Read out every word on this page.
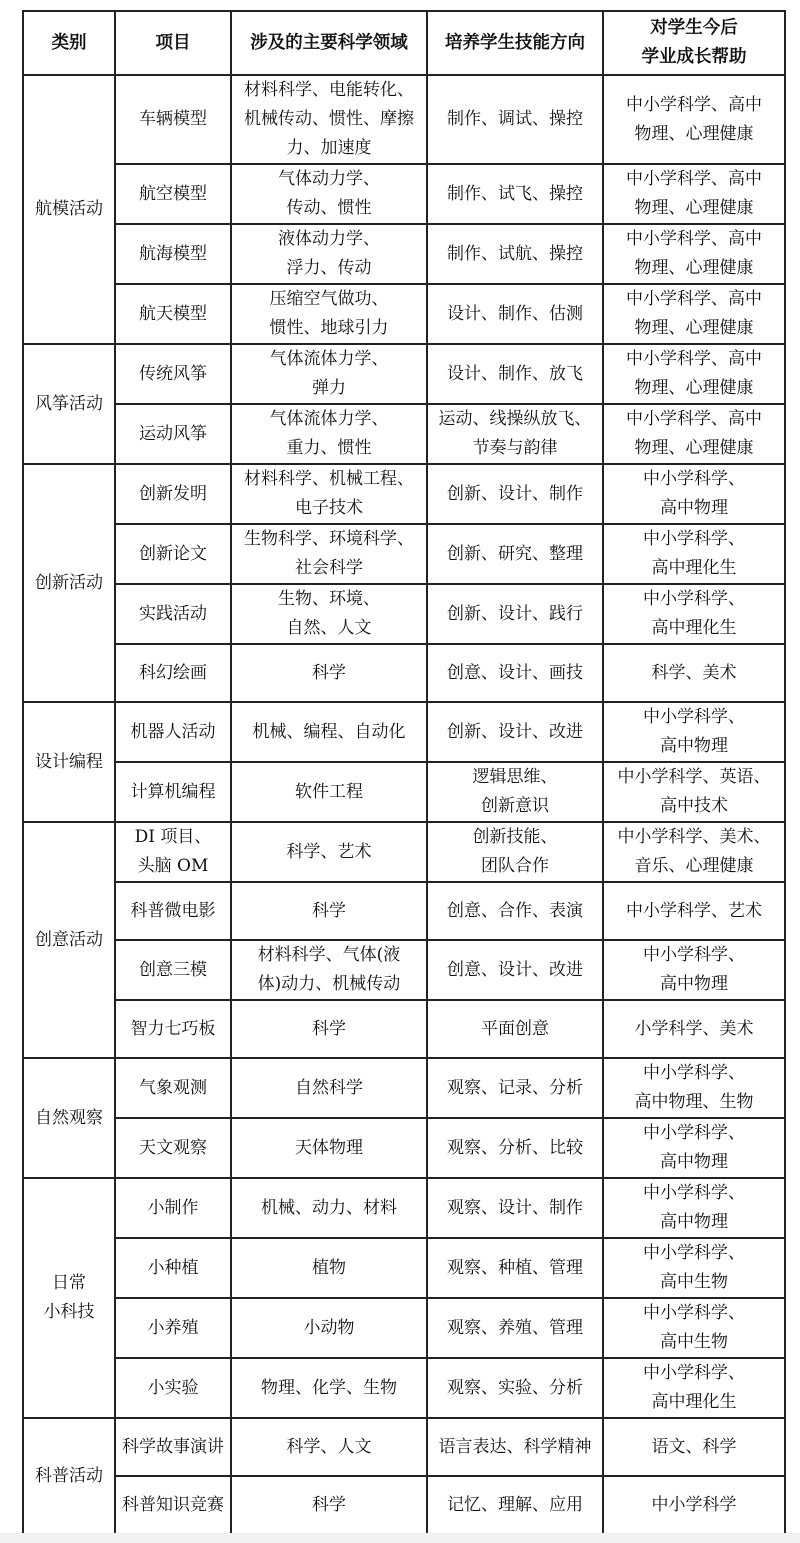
类别	项目	涉及的主要科学领域	培养学生技能方向	对学生今后
学业成长帮助

航模活动	车辆模型	材料科学、电能转化、
机械传动、惯性、摩擦
力、加速度	制作、调试、操控	中小学科学、高中
物理、心理健康

	航空模型	气体动力学、
传动、惯性	制作、试飞、操控	中小学科学、高中
物理、心理健康

	航海模型	液体动力学、
浮力、传动	制作、试航、操控	中小学科学、高中
物理、心理健康

	航天模型	压缩空气做功、
惯性、地球引力	设计、制作、估测	中小学科学、高中
物理、心理健康

风筝活动	传统风筝	气体流体力学、
弹力	设计、制作、放飞	中小学科学、高中
物理、心理健康

	运动风筝	气体流体力学、
重力、惯性	运动、线操纵放飞、
节奏与韵律	中小学科学、高中
物理、心理健康

创新活动	创新发明	材料科学、机械工程、
电子技术	创新、设计、制作	中小学科学、
高中物理

	创新论文	生物科学、环境科学、
社会科学	创新、研究、整理	中小学科学、
高中理化生

	实践活动	生物、环境、
自然、人文	创新、设计、践行	中小学科学、
高中理化生

	科幻绘画	科学	创意、设计、画技	科学、美术

设计编程	机器人活动	机械、编程、自动化	创新、设计、改进	中小学科学、
高中物理

	计算机编程	软件工程	逻辑思维、
创新意识	中小学科学、英语、
高中技术

创意活动	DI 项目、
头脑 OM	科学、艺术	创新技能、
团队合作	中小学科学、美术、
音乐、心理健康

	科普微电影	科学	创意、合作、表演	中小学科学、艺术

	创意三模	材料科学、气体(液
体)动力、机械传动	创意、设计、改进	中小学科学、
高中物理

	智力七巧板	科学	平面创意	小学科学、美术

自然观察	气象观测	自然科学	观察、记录、分析	中小学科学、
高中物理、生物

	天文观察	天体物理	观察、分析、比较	中小学科学、
高中物理

日常
小科技	小制作	机械、动力、材料	观察、设计、制作	中小学科学、
高中物理

	小种植	植物	观察、种植、管理	中小学科学、
高中生物

	小养殖	小动物	观察、养殖、管理	中小学科学、
高中生物

	小实验	物理、化学、生物	观察、实验、分析	中小学科学、
高中理化生

科普活动	科学故事演讲	科学、人文	语言表达、科学精神	语文、科学

	科普知识竞赛	科学	记忆、理解、应用	中小学科学
